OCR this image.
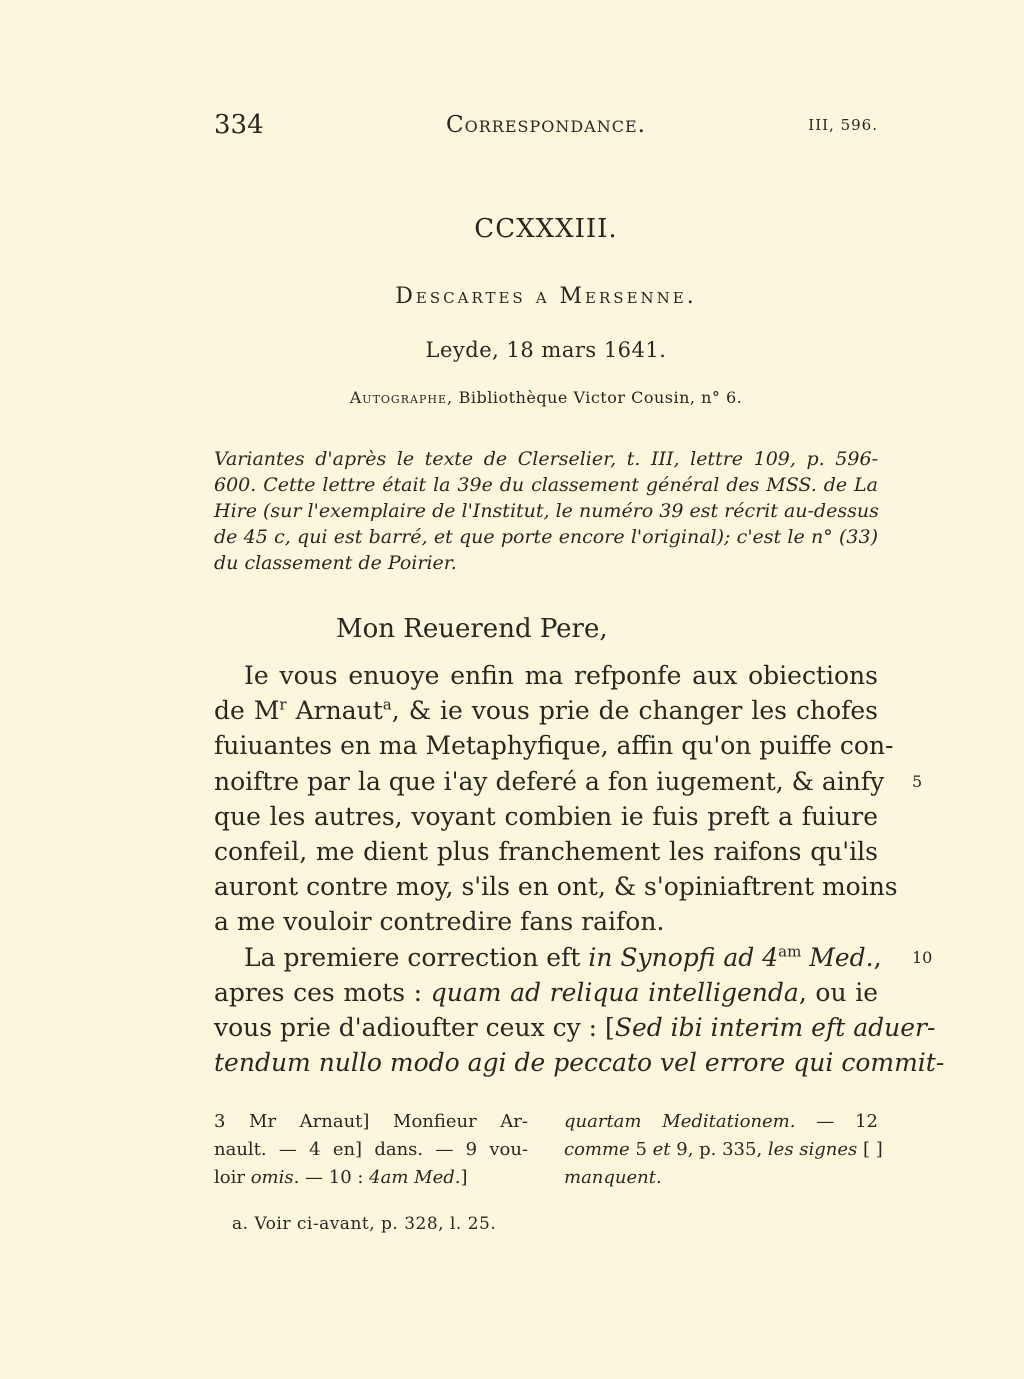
334	Correspondance.	III, 596.
CCXXXIII.
Descartes a Mersenne.
Leyde, 18 mars 1641.
Autographe, Bibliothèque Victor Cousin, n° 6.
Variantes d'après le texte de Clerselier, t. III, lettre 109, p. 596-
600. Cette lettre était la 39e du classement général des MSS. de La
Hire (sur l'exemplaire de l'Institut, le numéro 39 est récrit au-dessus
de 45 c, qui est barré, et que porte encore l'original); c'est le n° (33)
du classement de Poirier.
Mon Reuerend Pere,
Ie vous enuoye enfin ma refponfe aux obiections
de $M^r$ Arnaut$^a$, & ie vous prie de changer les chofes
fuiuantes en ma Metaphyfique, affin qu'on puiffe con-
noiftre par la que i'ay deferé a fon iugement, & ainfy
que les autres, voyant combien ie fuis preft a fuiure
confeil, me dient plus franchement les raifons qu'ils
auront contre moy, s'ils en ont, & s'opiniaftrent moins
a me vouloir contredire fans raifon.
La premiere correction eft in Synopfi ad $4^{am}$ Med.,
apres ces mots : quam ad reliqua intelligenda, ou ie
vous prie d'adioufter ceux cy : [Sed ibi interim eft aduer-
tendum nullo modo agi de peccato vel errore qui commit-
5
10
3 Mr Arnaut] Monfieur Ar-
nault. — 4 en] dans. — 9 vou-
loir omis. — 10 : 4am Med.]
quartam Meditationem. — 12
comme 5 et 9, p. 335, les signes [ ]
manquent.
a. Voir ci-avant, p. 328, l. 25.
